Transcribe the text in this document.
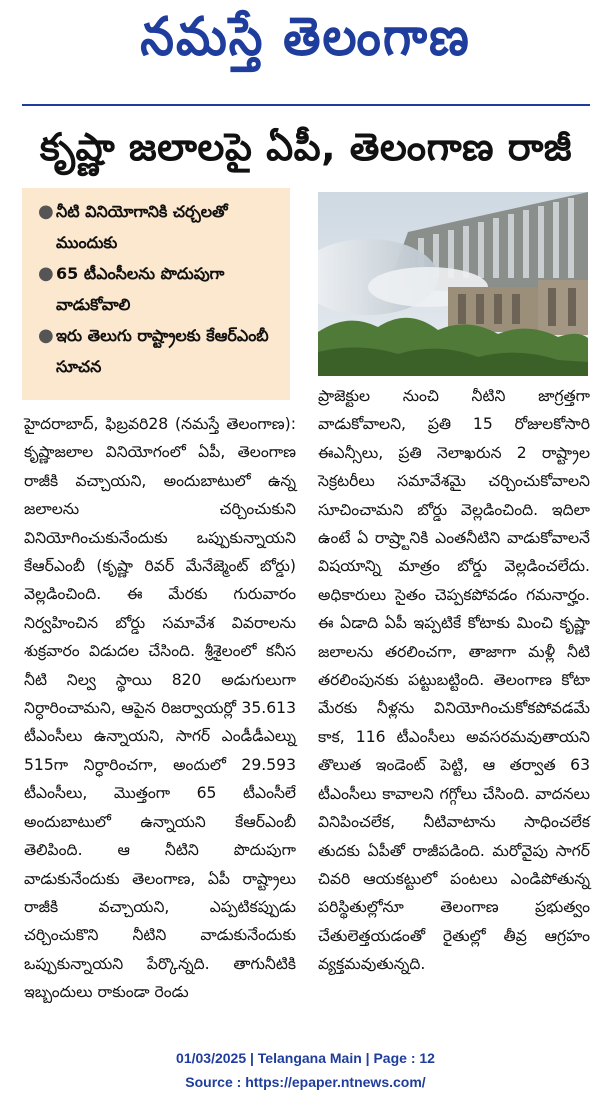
నమస్తే తెలంగాణ
కృష్ణా జలాలపై ఏపీ, తెలంగాణ రాజీ
● నీటి వినియోగానికి చర్చలతో ముందుకు
● 65 టీఎంసీలను పొదుపుగా వాడుకోవాలి
● ఇరు తెలుగు రాష్ట్రాలకు కేఆర్ఎంబీ సూచన

హైదరాబాద్, ఫిబ్రవరి28 (నమస్తే తెలంగాణ): కృష్ణాజలాల వినియోగంలో ఏపీ, తెలంగాణ రాజీకి వచ్చాయని, అందుబాటులో ఉన్న జలాలను చర్చించుకుని వినియోగించుకునేందుకు ఒప్పుకున్నాయని కేఆర్ఎంబీ (కృష్ణా రివర్ మేనేజ్మెంట్ బోర్డు) వెల్లడించింది. ఈ మేరకు గురువారం నిర్వహించిన బోర్డు సమావేశ వివరాలను శుక్రవారం విడుదల చేసింది. శ్రీశైలంలో కనీస నీటి నిల్వ స్థాయి 820 అడుగులుగా నిర్ధారించామని, ఆపైన రిజర్వాయర్లో 35.613 టీఎంసీలు ఉన్నాయని, సాగర్ ఎండీడీఎల్ను 515గా నిర్ధారించగా, అందులో 29.593 టీఎంసీలు, మొత్తంగా 65 టీఎంసీలే అందుబాటులో ఉన్నాయని కేఆర్ఎంబీ తెలిపింది. ఆ నీటిని పొదుపుగా వాడుకునేందుకు తెలంగాణ, ఏపీ రాష్ట్రాలు రాజీకి వచ్చాయని, ఎప్పటికప్పుడు చర్చించుకొని నీటిని వాడుకునేందుకు ఒప్పుకున్నాయని పేర్కొన్నది. తాగునీటికి ఇబ్బందులు రాకుండా రెండు

ప్రాజెక్టుల నుంచి నీటిని జాగ్రత్తగా వాడుకోవాలని, ప్రతి 15 రోజులకోసారి ఈఎన్సీలు, ప్రతి నెలాఖరున 2 రాష్ట్రాల సెక్రటరీలు సమావేశమై చర్చించుకోవాలని సూచించామని బోర్డు వెల్లడించింది. ఇదిలా ఉంటే ఏ రాష్ర్టానికి ఎంతనీటిని వాడుకోవాలనే విషయాన్ని మాత్రం బోర్డు వెల్లడించలేదు. అధికారులు సైతం చెప్పకపోవడం గమనార్హం. ఈ ఏడాది ఏపీ ఇప్పటికే కోటాకు మించి కృష్ణా జలాలను తరలించగా, తాజాగా మళ్లీ నీటి తరలింపునకు పట్టుబట్టింది. తెలంగాణ కోటా మేరకు నీళ్లను వినియోగించుకోకపోవడమే కాక, 116 టీఎంసీలు అవసరమవుతాయని తొలుత ఇండెంట్ పెట్టి, ఆ తర్వాత 63 టీఎంసీలు కావాలని గగ్గోలు చేసింది. వాదనలు వినిపించలేక, నీటివాటాను సాధించలేక తుదకు ఏపీతో రాజీపడింది. మరోవైపు సాగర్ చివరి ఆయకట్టులో పంటలు ఎండిపోతున్న పరిస్థితుల్లోనూ తెలంగాణ ప్రభుత్వం చేతులెత్తయడంతో రైతుల్లో తీవ్ర ఆగ్రహం వ్యక్తమవుతున్నది.

01/03/2025 | Telangana Main | Page : 12
Source : https://epaper.ntnews.com/
